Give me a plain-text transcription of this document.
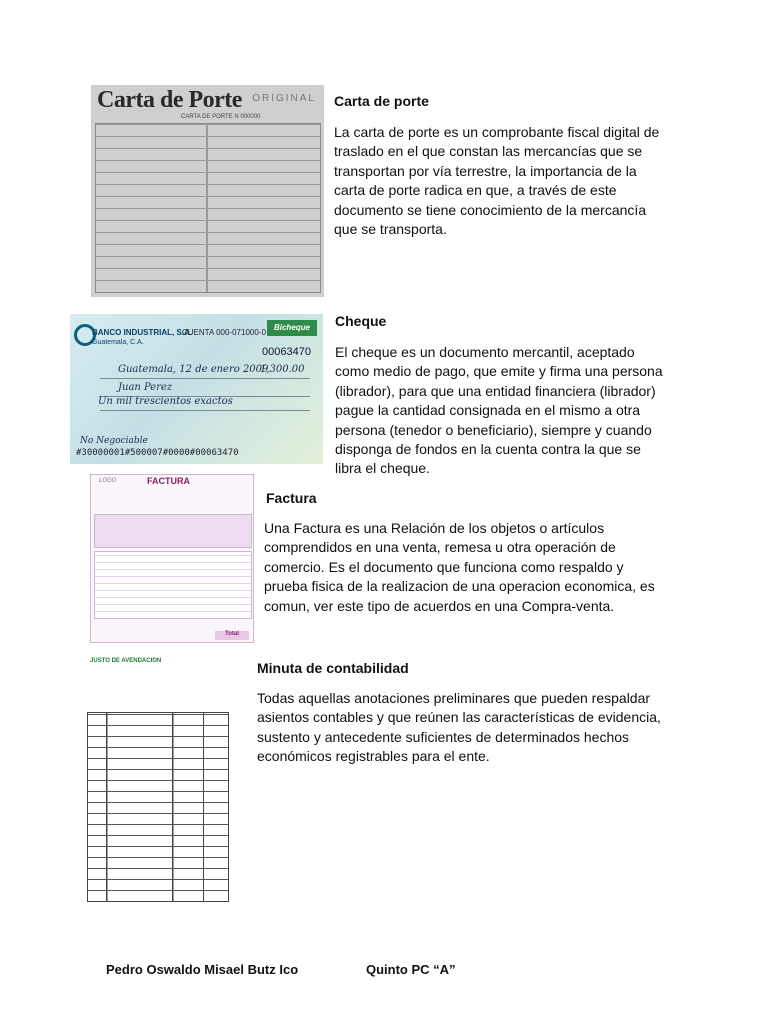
Carta de Porte ORIGINAL
CARTA DE PORTE N 000000
Carta de porte
La carta de porte es un comprobante fiscal digital de traslado en el que constan las mercancías que se transportan por vía terrestre, la importancia de la carta de porte radica en que, a través de este documento se tiene conocimiento de la mercancía que se transporta.
BANCO INDUSTRIAL, S.A.
Guatemala, C.A.
CUENTA 000-071000-0
Bicheque
00063470
Guatemala, 12 de enero 2009
1,300.00
Juan Perez
Un mil trescientos exactos
No Negociable
#30000001#500007#0000#00063470
Cheque
El cheque es un documento mercantil, aceptado como medio de pago, que emite y firma una persona (librador), para que una entidad financiera (librador) pague la cantidad consignada en el mismo a otra persona (tenedor o beneficiario), siempre y cuando disponga de fondos en la cuenta contra la que se libra el cheque.
LOGO	FACTURA
Total
Factura
Una Factura es una Relación de los objetos o artículos comprendidos en una venta, remesa u otra operación de comercio. Es el documento que funciona como respaldo y prueba fisica de la realizacion de una operacion economica, es comun, ver este tipo de acuerdos en una Compra-venta.
JUSTO DE AVENDACION	Minuta de contabilidad
Todas aquellas anotaciones preliminares que pueden respaldar asientos contables y que reúnen las características de evidencia, sustento y antecedente suficientes de determinados hechos económicos registrables para el ente.
Pedro Oswaldo Misael Butz Ico	Quinto PC “A”
